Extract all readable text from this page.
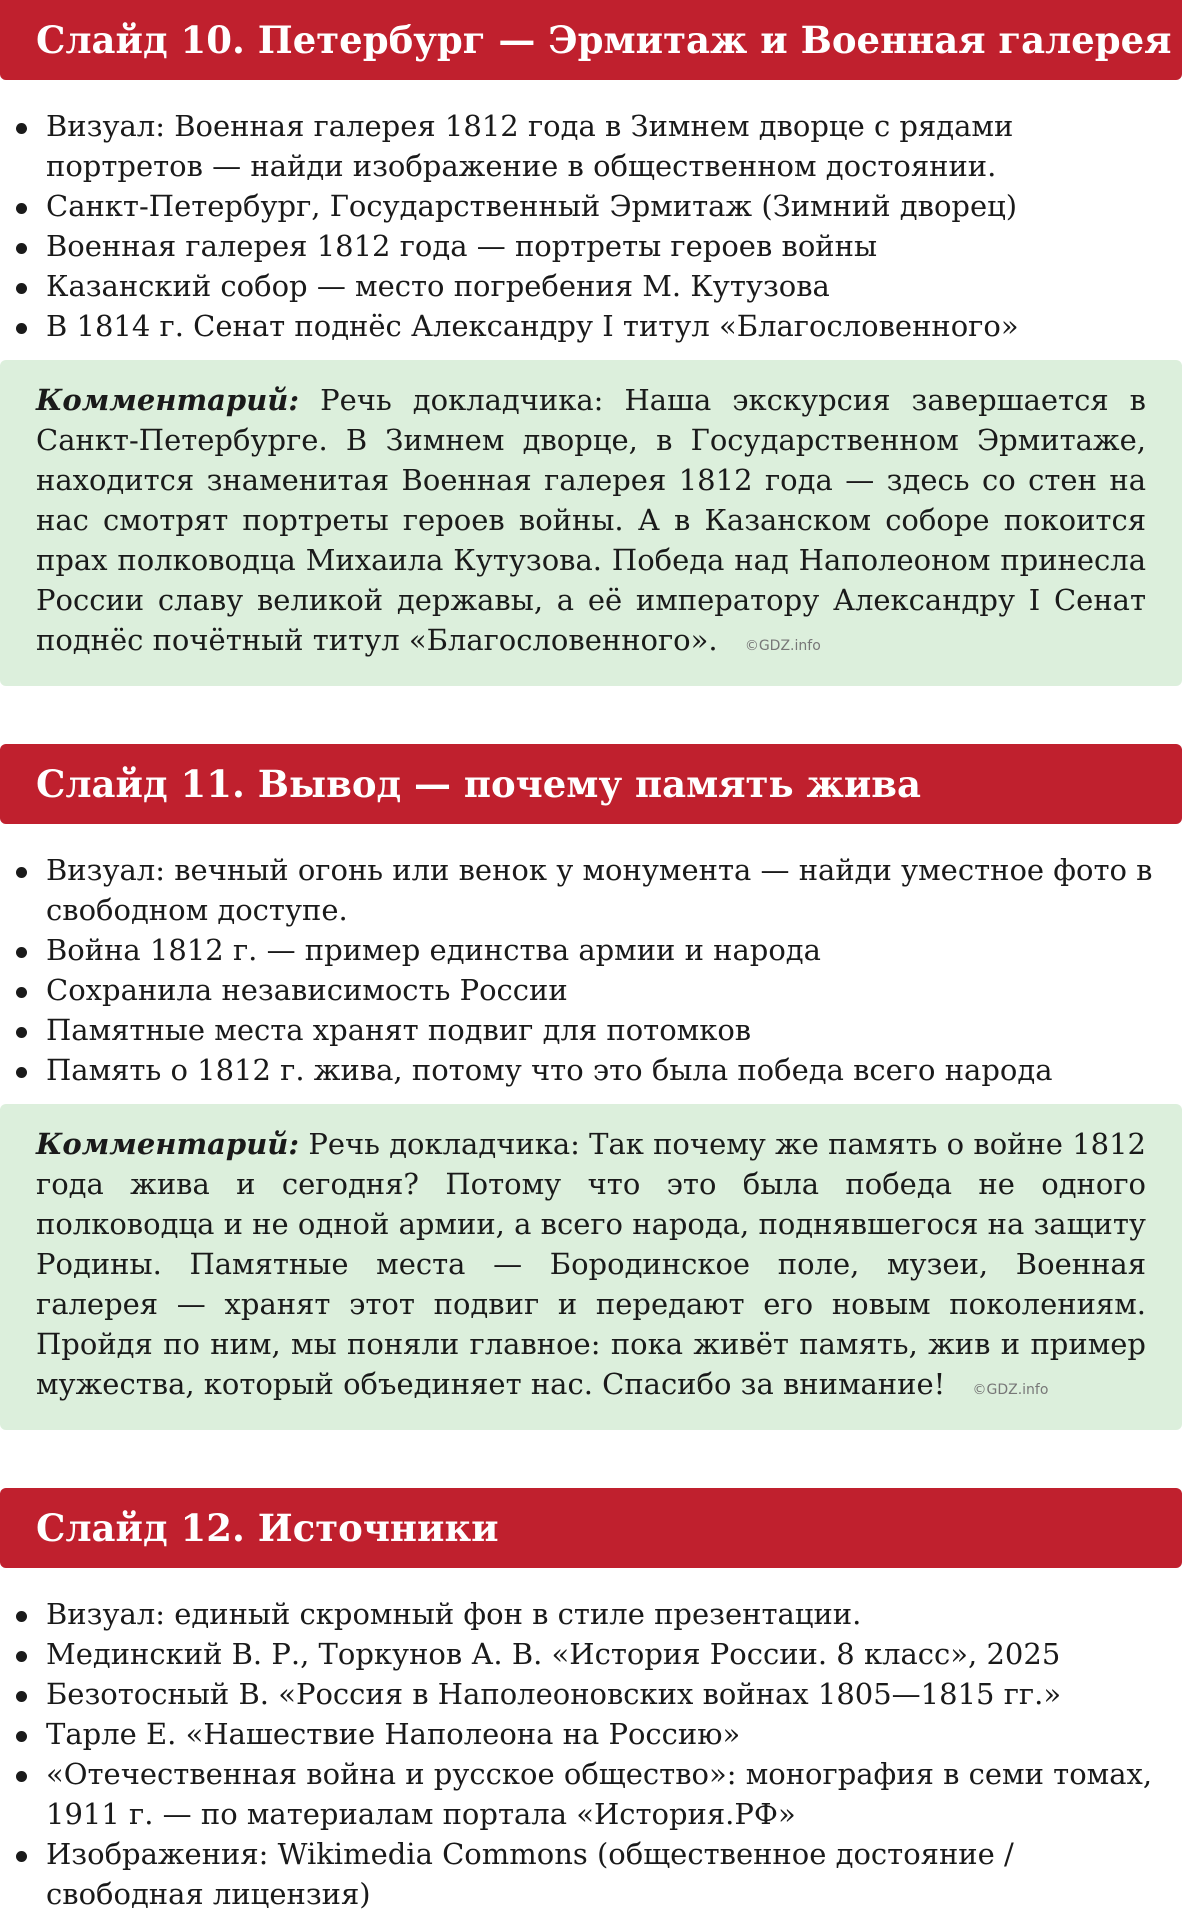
Слайд 10. Петербург — Эрмитаж и Военная галерея
Визуал: Военная галерея 1812 года в Зимнем дворце с рядами портретов — найди изображение в общественном достоянии.
Санкт-Петербург, Государственный Эрмитаж (Зимний дворец)
Военная галерея 1812 года — портреты героев войны
Казанский собор — место погребения М. Кутузова
В 1814 г. Сенат поднёс Александру I титул «Благословенного»
Комментарий: Речь докладчика: Наша экскурсия завершается в Санкт-Петербурге. В Зимнем дворце, в Государственном Эрмитаже, находится знаменитая Военная галерея 1812 года — здесь со стен на нас смотрят портреты героев войны. А в Казанском соборе покоится прах полководца Михаила Кутузова. Победа над Наполеоном принесла России славу великой державы, а её императору Александру I Сенат поднёс почётный титул «Благословенного». ©GDZ.info
Слайд 11. Вывод — почему память жива
Визуал: вечный огонь или венок у монумента — найди уместное фото в свободном доступе.
Война 1812 г. — пример единства армии и народа
Сохранила независимость России
Памятные места хранят подвиг для потомков
Память о 1812 г. жива, потому что это была победа всего народа
Комментарий: Речь докладчика: Так почему же память о войне 1812 года жива и сегодня? Потому что это была победа не одного полководца и не одной армии, а всего народа, поднявшегося на защиту Родины. Памятные места — Бородинское поле, музеи, Военная галерея — хранят этот подвиг и передают его новым поколениям. Пройдя по ним, мы поняли главное: пока живёт память, жив и пример мужества, который объединяет нас. Спасибо за внимание! ©GDZ.info
Слайд 12. Источники
Визуал: единый скромный фон в стиле презентации.
Мединский В. Р., Торкунов А. В. «История России. 8 класс», 2025
Безотосный В. «Россия в Наполеоновских войнах 1805—1815 гг.»
Тарле Е. «Нашествие Наполеона на Россию»
«Отечественная война и русское общество»: монография в семи томах, 1911 г. — по материалам портала «История.РФ»
Изображения: Wikimedia Commons (общественное достояние / свободная лицензия)
